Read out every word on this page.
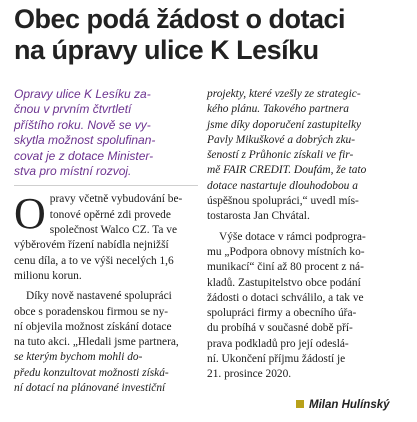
Obec podá žádost o dotaci
na úpravy ulice K Lesíku
Opravy ulice K Lesíku za-
čnou v prvním čtvrtletí
příštího roku. Nově se vy-
skytla možnost spolufinan-
covat je z dotace Minister-
stva pro místní rozvoj.
O pravy včetně vybudování be-
tonové opěrné zdi provede
společnost Walco CZ. Ta ve
výběrovém řízení nabídla nejnižší
cenu díla, a to ve výši necelých 1,6
milionu korun.
Díky nově nastavené spolupráci
obce s poradenskou firmou se ny-
ní objevila možnost získání dotace
na tuto akci. „Hledali jsme partnera,
se kterým bychom mohli do-
předu konzultovat možnosti získá-
ní dotací na plánované investiční
projekty, které vzešly ze strategic-
kého plánu. Takového partnera
jsme díky doporučení zastupitelky
Pavly Mikuškové a dobrých zku-
šeností z Průhonic získali ve fir-
mě FAIR CREDIT. Doufám, že tato
dotace nastartuje dlouhodobou a
úspěšnou spolupráci,“ uvedl mís-
tostarosta Jan Chvátal.
Výše dotace v rámci podprogra-
mu „Podpora obnovy místních ko-
munikací“ činí až 80 procent z ná-
kladů. Zastupitelstvo obce podání
žádosti o dotaci schválilo, a tak ve
spolupráci firmy a obecního úřa-
du probíhá v současné době pří-
prava podkladů pro její odeslá-
ní. Ukončení příjmu žádostí je
21. prosince 2020.
Milan Hulínský
